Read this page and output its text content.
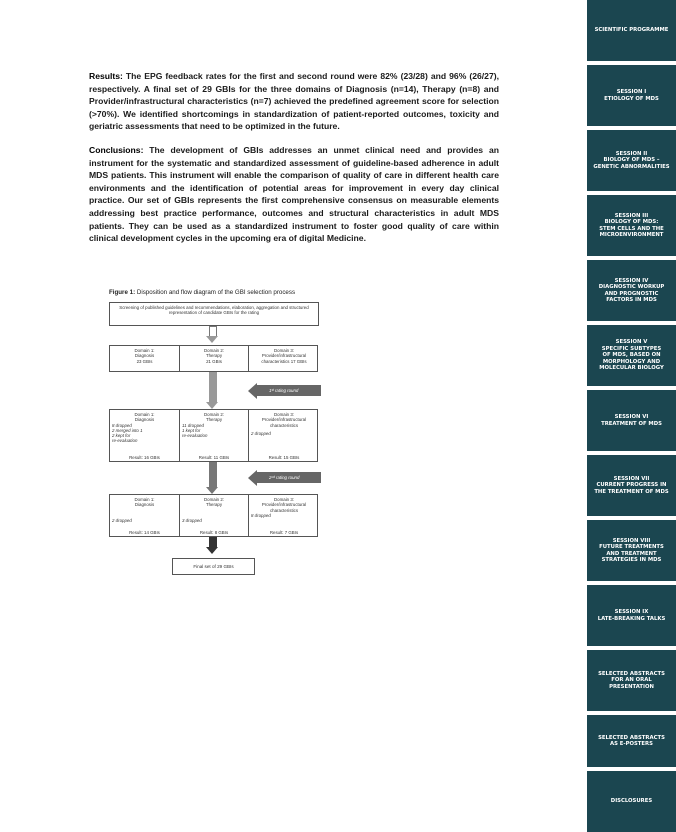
Results: The EPG feedback rates for the first and second round were 82% (23/28) and 96% (26/27), respectively. A final set of 29 GBIs for the three domains of Diagnosis (n=14), Therapy (n=8) and Provider/infrastructural characteristics (n=7) achieved the predefined agreement score for selection (>70%). We identified shortcomings in standardization of patient-reported outcomes, toxicity and geriatric assessments that need to be optimized in the future.

Conclusions: The development of GBIs addresses an unmet clinical need and provides an instrument for the systematic and standardized assessment of guideline-based adherence in adult MDS patients. This instrument will enable the comparison of quality of care in different health care environments and the identification of potential areas for improvement in every day clinical practice. Our set of GBIs represents the first comprehensive consensus on measurable elements addressing best practice performance, outcomes and structural characteristics in adult MDS patients. They can be used as a standardized instrument to foster good quality of care within clinical development cycles in the upcoming era of digital Medicine.

Figure 1: Disposition and flow diagram of the GBI selection process
Screening of published guidelines and recommendations, elaboration, aggregation and structured representation of candidate GBIs for the rating
Domain 1:
Diagnosis
23 GBIs
Domain 2:
Therapy
21 GBIs
Domain 3:
Provider/infrastructural
characteristics 17 GBIs
1ˢᵗ rating round
Domain 1:
Diagnosis
8 dropped
2 merged into 1
2 kept for
re-evaluation
Result: 16 GBIs
Domain 2:
Therapy
11 dropped
1 kept for
re-evaluation
Result: 11 GBIs
Domain 3:
Provider/infrastructural characteristics
2 dropped
Result: 15 GBIs
2ⁿᵈ rating round
Domain 1:
Diagnosis
2 dropped
Result: 14 GBIs
Domain 2:
Therapy
3 dropped
Result: 8 GBIs
Domain 3:
Provider/infrastructural characteristics
8 dropped
Result: 7 GBIs
Final set of 29 GBIs
SCIENTIFIC PROGRAMME
SESSION I
ETIOLOGY OF MDS
SESSION II
BIOLOGY OF MDS –
GENETIC ABNORMALITIES
SESSION III
BIOLOGY OF MDS:
STEM CELLS AND THE
MICROENVIRONMENT
SESSION IV
DIAGNOSTIC WORKUP
AND PROGNOSTIC
FACTORS IN MDS
SESSION V
SPECIFIC SUBTYPES
OF MDS, BASED ON
MORPHOLOGY AND
MOLECULAR BIOLOGY
SESSION VI
TREATMENT OF MDS
SESSION VII
CURRENT PROGRESS IN
THE TREATMENT OF MDS
SESSION VIII
FUTURE TREATMENTS
AND TREATMENT
STRATEGIES IN MDS
SESSION IX
LATE-BREAKING TALKS
SELECTED ABSTRACTS
FOR AN ORAL
PRESENTATION
SELECTED ABSTRACTS
AS E-POSTERS
DISCLOSURES
